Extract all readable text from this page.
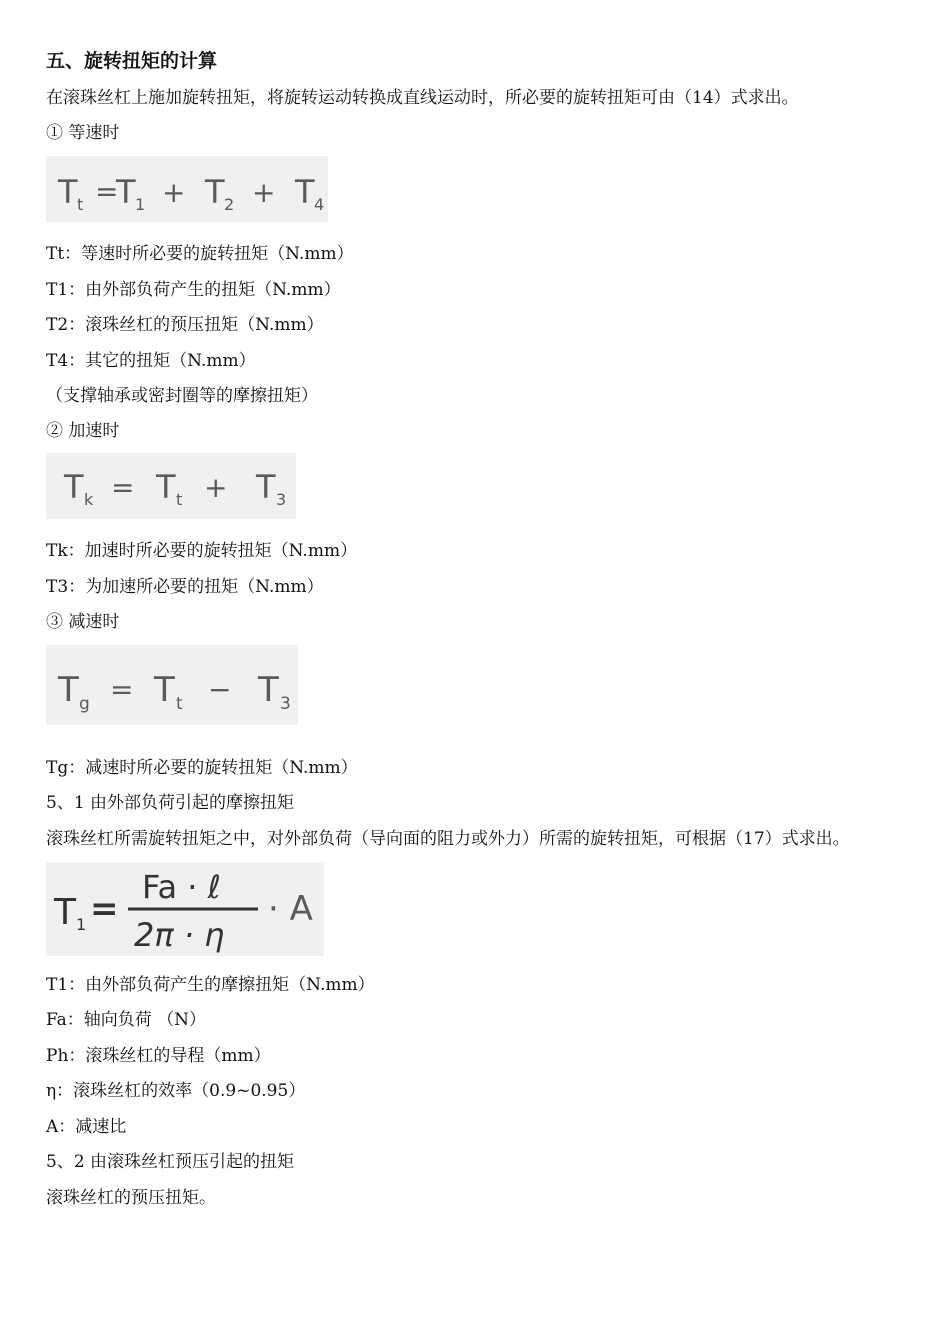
五、旋转扭矩的计算
在滚珠丝杠上施加旋转扭矩，将旋转运动转换成直线运动时，所必要的旋转扭矩可由（14）式求出。
① 等速时
T t =
T 1 + T 2 + T 4
Tt：等速时所必要的旋转扭矩（N.mm）
T1：由外部负荷产生的扭矩（N.mm）
T2：滚珠丝杠的预压扭矩（N.mm）
T4：其它的扭矩（N.mm）
（支撑轴承或密封圈等的摩擦扭矩）
② 加速时
T k = T t + T 3
Tk：加速时所必要的旋转扭矩（N.mm）
T3：为加速所必要的扭矩（N.mm）
③ 减速时
T g = T t − T 3
Tg：减速时所必要的旋转扭矩（N.mm）
5、1 由外部负荷引起的摩擦扭矩
滚珠丝杠所需旋转扭矩之中，对外部负荷（导向面的阻力或外力）所需的旋转扭矩，可根据（17）式求出。
T 1 =
Fa · ℓ
2π · η
· A
T1：由外部负荷产生的摩擦扭矩（N.mm）
Fa：轴向负荷 （N）
Ph：滚珠丝杠的导程（mm）
η：滚珠丝杠的效率（0.9~0.95）
A：减速比
5、2 由滚珠丝杠预压引起的扭矩
滚珠丝杠的预压扭矩。
